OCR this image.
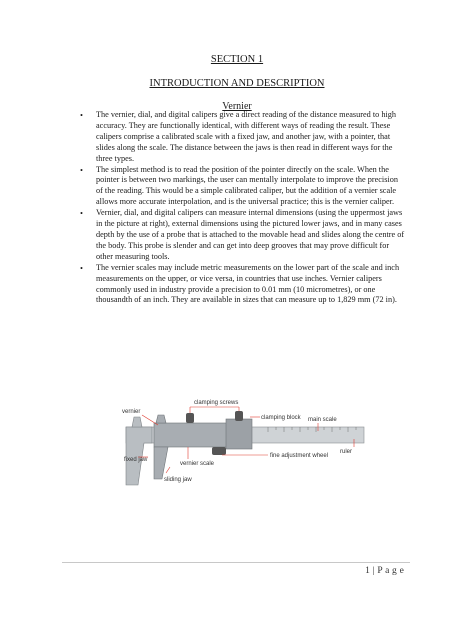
SECTION 1
INTRODUCTION AND DESCRIPTION
Vernier
• The vernier, dial, and digital calipers give a direct reading of the distance measured to high accuracy. They are functionally identical, with different ways of reading the result. These calipers comprise a calibrated scale with a fixed jaw, and another jaw, with a pointer, that slides along the scale. The distance between the jaws is then read in different ways for the three types.
• The simplest method is to read the position of the pointer directly on the scale. When the pointer is between two markings, the user can mentally interpolate to improve the precision of the reading. This would be a simple calibrated caliper, but the addition of a vernier scale allows more accurate interpolation, and is the universal practice; this is the vernier caliper.
• Vernier, dial, and digital calipers can measure internal dimensions (using the uppermost jaws in the picture at right), external dimensions using the pictured lower jaws, and in many cases depth by the use of a probe that is attached to the movable head and slides along the centre of the body. This probe is slender and can get into deep grooves that may prove difficult for other measuring tools.
• The vernier scales may include metric measurements on the lower part of the scale and inch measurements on the upper, or vice versa, in countries that use inches. Vernier calipers commonly used in industry provide a precision to 0.01 mm (10 micrometres), or one thousandth of an inch. They are available in sizes that can measure up to 1,829 mm (72 in).
clamping screws
vernier
clamping block main scale
fine adjustment wheel
ruler
fixed jaw
vernier scale
sliding jaw
1 | P a g e
